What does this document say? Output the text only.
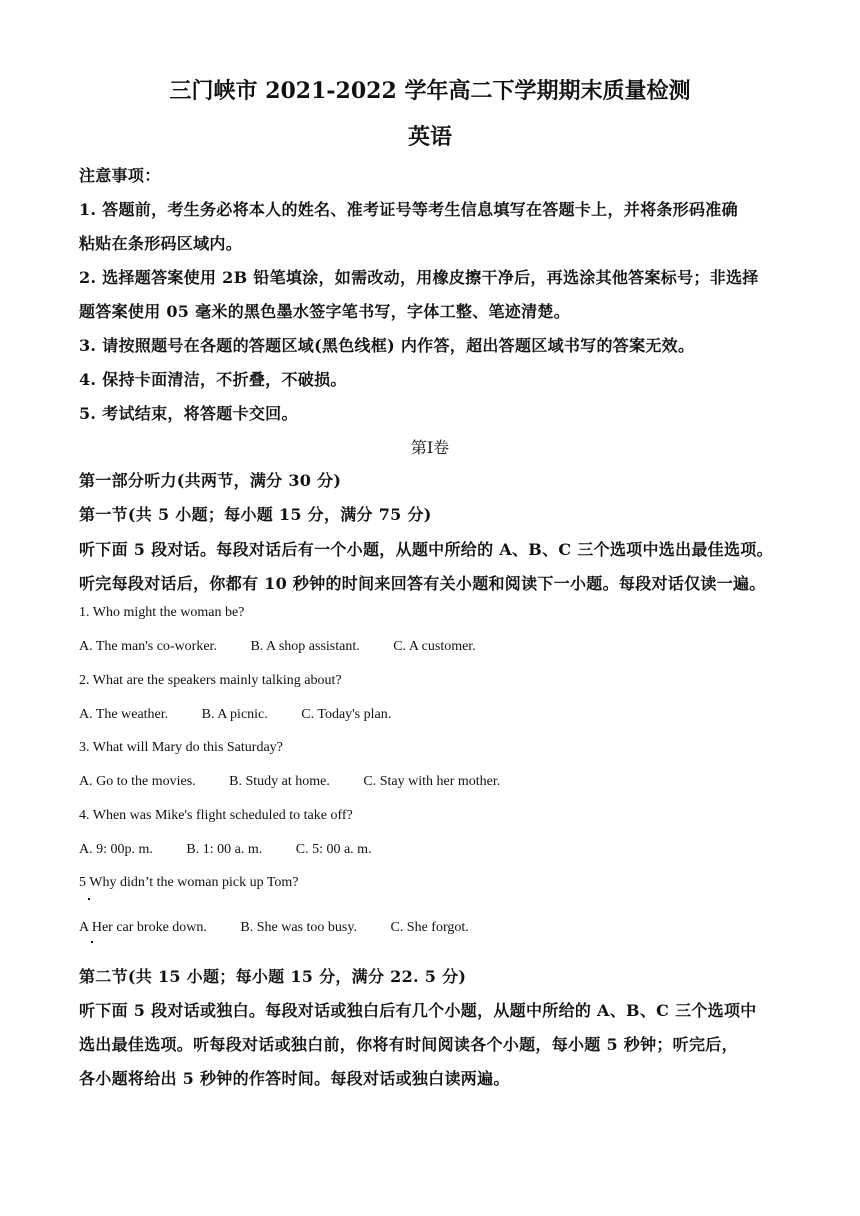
三门峡市 2021-2022 学年高二下学期期末质量检测
英语
注意事项：
1. 答题前，考生务必将本人的姓名、准考证号等考生信息填写在答题卡上，并将条形码准确
粘贴在条形码区域内。
2. 选择题答案使用 2B 铅笔填涂，如需改动，用橡皮擦干净后，再选涂其他答案标号；非选择
题答案使用 05 毫米的黑色墨水签字笔书写，字体工整、笔迹清楚。
3. 请按照题号在各题的答题区域(黑色线框) 内作答，超出答题区域书写的答案无效。
4. 保持卡面清洁，不折叠，不破损。
5. 考试结束，将答题卡交回。
第Ⅰ卷
第一部分听力(共两节，满分 30 分)
第一节(共 5 小题；每小题 15 分，满分 75 分)
听下面 5 段对话。每段对话后有一个小题，从题中所给的 A、B、C 三个选项中选出最佳选项。
听完每段对话后，你都有 10 秒钟的时间来回答有关小题和阅读下一小题。每段对话仅读一遍。
1. Who might the woman be?
A. The man's co-worker. B. A shop assistant. C. A customer.
2. What are the speakers mainly talking about?
A. The weather. B. A picnic. C. Today's plan.
3. What will Mary do this Saturday?
A. Go to the movies. B. Study at home. C. Stay with her mother.
4. When was Mike's flight scheduled to take off?
A. 9: 00p. m. B. 1: 00 a. m. C. 5: 00 a. m.
5 Why didn’t the woman pick up Tom?
A Her car broke down. B. She was too busy. C. She forgot.
第二节(共 15 小题；每小题 15 分，满分 22. 5 分)
听下面 5 段对话或独白。每段对话或独白后有几个小题，从题中所给的 A、B、C 三个选项中
选出最佳选项。听每段对话或独白前，你将有时间阅读各个小题，每小题 5 秒钟；听完后，
各小题将给出 5 秒钟的作答时间。每段对话或独白读两遍。
